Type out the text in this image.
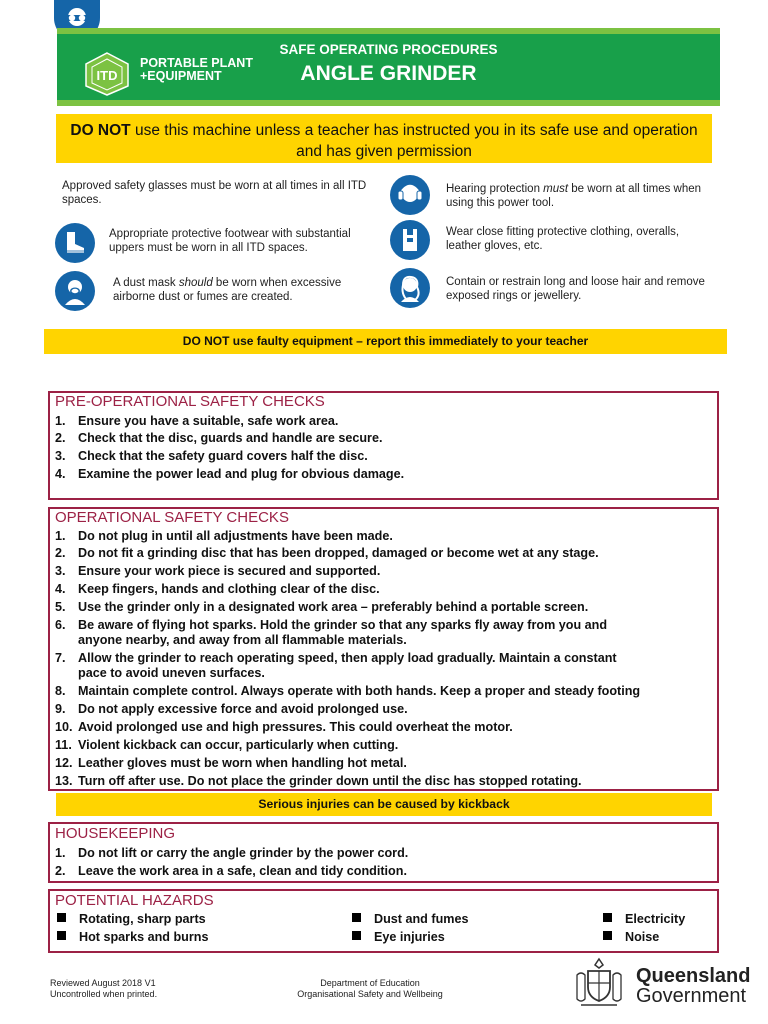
ITD
PORTABLE PLANT
+EQUIPMENT
SAFE OPERATING PROCEDURES
ANGLE GRINDER
DO NOT use this machine unless a teacher has instructed you in its safe use and operation and has given permission
Approved safety glasses must be worn at all times in all ITD spaces.
Appropriate protective footwear with substantial uppers must be worn in all ITD spaces.
A dust mask should be worn when excessive airborne dust or fumes are created.
Hearing protection must be worn at all times when using this power tool.
Wear close fitting protective clothing, overalls, leather gloves, etc.
Contain or restrain long and loose hair and remove exposed rings or jewellery.
DO NOT use faulty equipment – report this immediately to your teacher
PRE-OPERATIONAL SAFETY CHECKS
1. Ensure you have a suitable, safe work area.
2. Check that the disc, guards and handle are secure.
3. Check that the safety guard covers half the disc.
4. Examine the power lead and plug for obvious damage.
OPERATIONAL SAFETY CHECKS
1. Do not plug in until all adjustments have been made.
2. Do not fit a grinding disc that has been dropped, damaged or become wet at any stage.
3. Ensure your work piece is secured and supported.
4. Keep fingers, hands and clothing clear of the disc.
5. Use the grinder only in a designated work area – preferably behind a portable screen.
6. Be aware of flying hot sparks. Hold the grinder so that any sparks fly away from you and
anyone nearby, and away from all flammable materials.
7. Allow the grinder to reach operating speed, then apply load gradually. Maintain a constant
pace to avoid uneven surfaces.
8. Maintain complete control. Always operate with both hands. Keep a proper and steady footing
9. Do not apply excessive force and avoid prolonged use.
10. Avoid prolonged use and high pressures. This could overheat the motor.
11. Violent kickback can occur, particularly when cutting.
12. Leather gloves must be worn when handling hot metal.
13. Turn off after use. Do not place the grinder down until the disc has stopped rotating.
Serious injuries can be caused by kickback
HOUSEKEEPING
1. Do not lift or carry the angle grinder by the power cord.
2. Leave the work area in a safe, clean and tidy condition.
POTENTIAL HAZARDS
Rotating, sharp parts	Dust and fumes	Electricity
Hot sparks and burns	Eye injuries	Noise
Reviewed August 2018 V1
Uncontrolled when printed.
Department of Education
Organisational Safety and Wellbeing
Queensland
Government
